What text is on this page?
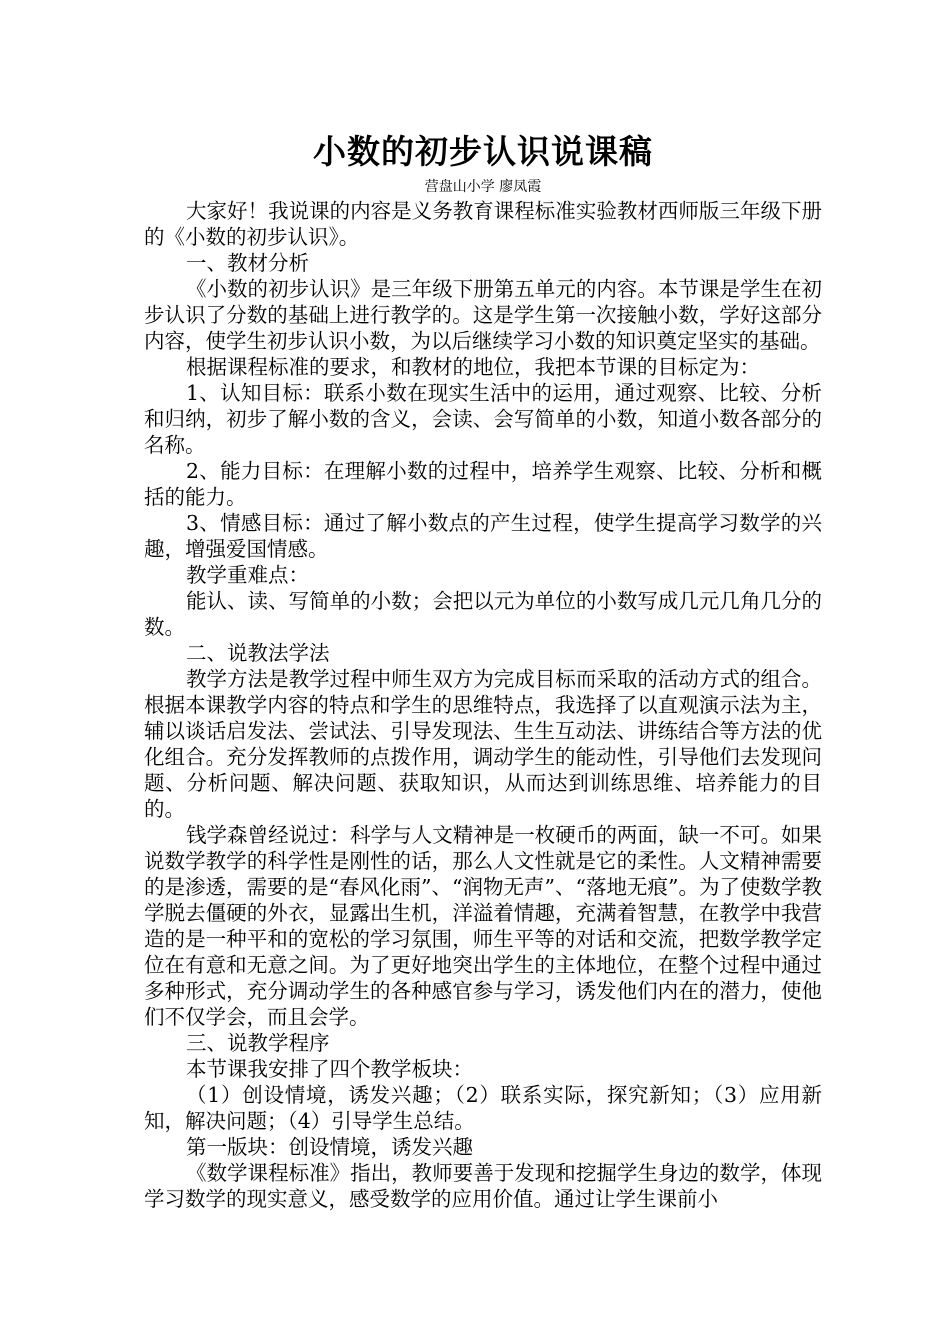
小数的初步认识说课稿

营盘山小学 廖凤霞

大家好！我说课的内容是义务教育课程标准实验教材西师版三年级下册的《小数的初步认识》。

一、教材分析

《小数的初步认识》是三年级下册第五单元的内容。本节课是学生在初步认识了分数的基础上进行教学的。这是学生第一次接触小数，学好这部分内容，使学生初步认识小数，为以后继续学习小数的知识奠定坚实的基础。

根据课程标准的要求，和教材的地位，我把本节课的目标定为：

1、认知目标：联系小数在现实生活中的运用，通过观察、比较、分析和归纳，初步了解小数的含义，会读、会写简单的小数，知道小数各部分的名称。

2、能力目标：在理解小数的过程中，培养学生观察、比较、分析和概括的能力。

3、情感目标：通过了解小数点的产生过程，使学生提高学习数学的兴趣，增强爱国情感。

教学重难点：

能认、读、写简单的小数；会把以元为单位的小数写成几元几角几分的数。

二、说教法学法

教学方法是教学过程中师生双方为完成目标而采取的活动方式的组合。根据本课教学内容的特点和学生的思维特点，我选择了以直观演示法为主，辅以谈话启发法、尝试法、引导发现法、生生互动法、讲练结合等方法的优化组合。充分发挥教师的点拨作用，调动学生的能动性，引导他们去发现问题、分析问题、解决问题、获取知识，从而达到训练思维、培养能力的目的。

钱学森曾经说过：科学与人文精神是一枚硬币的两面，缺一不可。如果说数学教学的科学性是刚性的话，那么人文性就是它的柔性。人文精神需要的是渗透，需要的是“春风化雨”、“润物无声”、“落地无痕”。为了使数学教学脱去僵硬的外衣，显露出生机，洋溢着情趣，充满着智慧，在教学中我营造的是一种平和的宽松的学习氛围，师生平等的对话和交流，把数学教学定位在有意和无意之间。为了更好地突出学生的主体地位，在整个过程中通过多种形式，充分调动学生的各种感官参与学习，诱发他们内在的潜力，使他们不仅学会，而且会学。

三、说教学程序

本节课我安排了四个教学板块：

（1）创设情境，诱发兴趣；（2）联系实际，探究新知；（3）应用新知，解决问题；（4）引导学生总结。

第一版块：创设情境，诱发兴趣

《数学课程标准》指出，教师要善于发现和挖掘学生身边的数学，体现学习数学的现实意义，感受数学的应用价值。通过让学生课前小
